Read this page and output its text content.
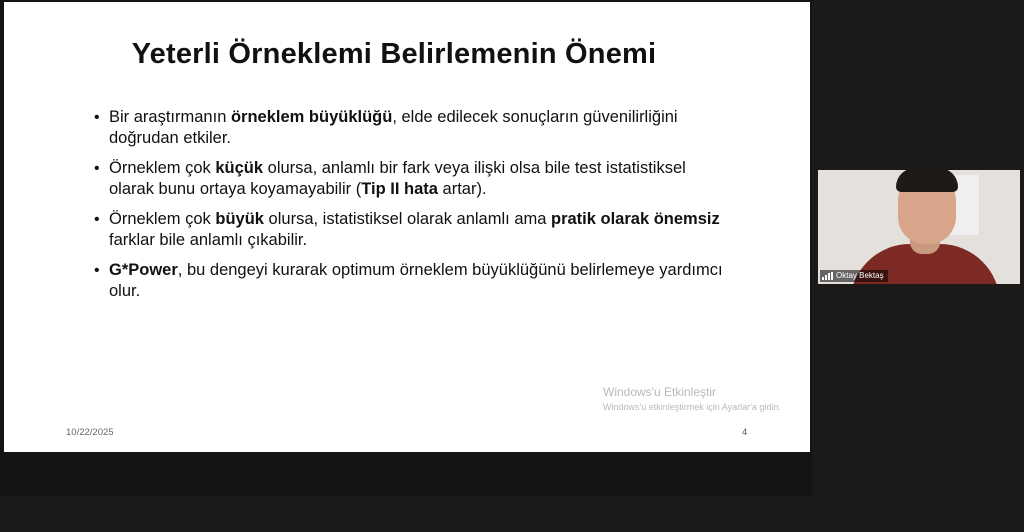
Yeterli Örneklemi Belirlemenin Önemi
• Bir araştırmanın örneklem büyüklüğü, elde edilecek sonuçların güvenilirliğini doğrudan etkiler.
• Örneklem çok küçük olursa, anlamlı bir fark veya ilişki olsa bile test istatistiksel olarak bunu ortaya koyamayabilir (Tip II hata artar).
• Örneklem çok büyük olursa, istatistiksel olarak anlamlı ama pratik olarak önemsiz farklar bile anlamlı çıkabilir.
• G*Power, bu dengeyi kurarak optimum örneklem büyüklüğünü belirlemeye yardımcı olur.
Windows'u Etkinleştir
Windows'u etkinleştirmek için Ayarlar'a gidin.
10/22/2025	4
Oktay Bektaş
